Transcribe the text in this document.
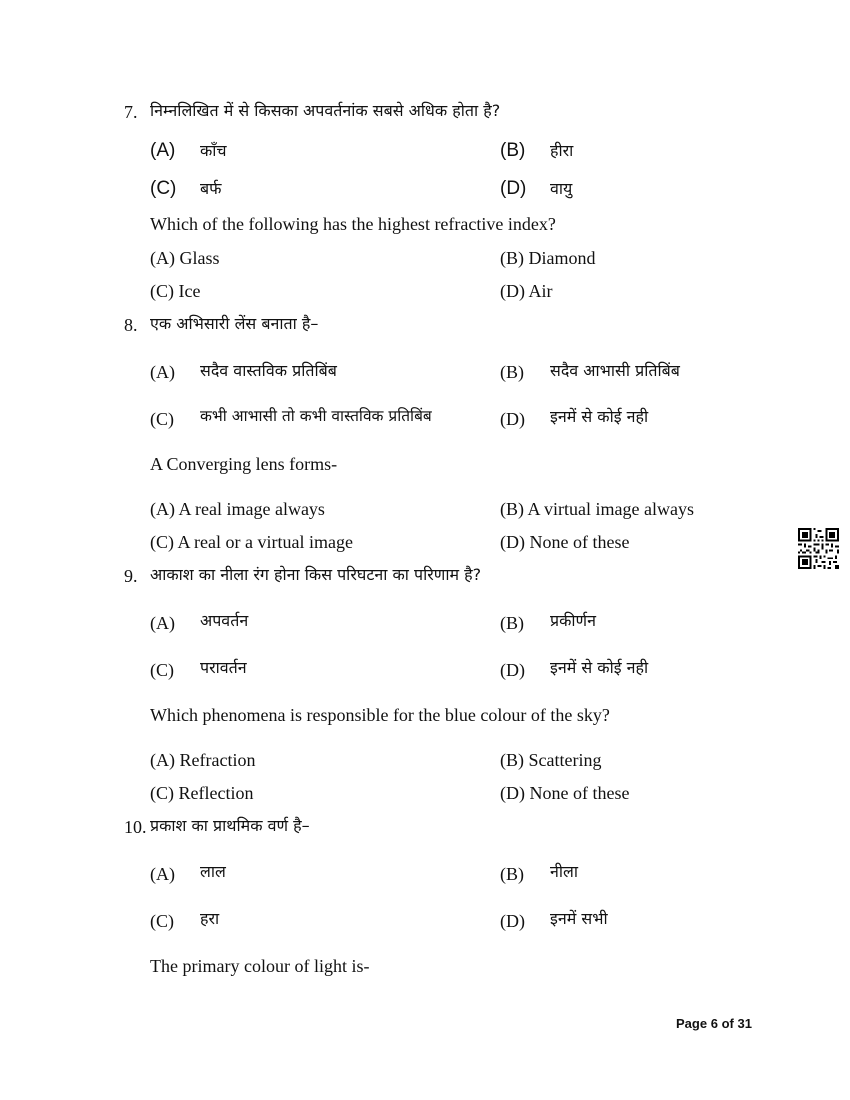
7. निम्नलिखित में से किसका अपवर्तनांक सबसे अधिक होता है?
(A) काँच	(B) हीरा
(C) बर्फ	(D) वायु
Which of the following has the highest refractive index?
(A) Glass	(B) Diamond
(C) Ice	(D) Air
8. एक अभिसारी लेंस बनाता है–
(A) सदैव वास्तविक प्रतिबिंब	(B) सदैव आभासी प्रतिबिंब
(C) कभी आभासी तो कभी वास्तविक प्रतिबिंब	(D) इनमें से कोई नही
A Converging lens forms-
(A) A real image always	(B) A virtual image always
(C) A real or a virtual image	(D) None of these
9. आकाश का नीला रंग होना किस परिघटना का परिणाम है?
(A) अपवर्तन	(B) प्रकीर्णन
(C) परावर्तन	(D) इनमें से कोई नही
Which phenomena is responsible for the blue colour of the sky?
(A) Refraction	(B) Scattering
(C) Reflection	(D) None of these
10. प्रकाश का प्राथमिक वर्ण है–
(A) लाल	(B) नीला
(C) हरा	(D) इनमें सभी
The primary colour of light is-
Page 6 of 31
